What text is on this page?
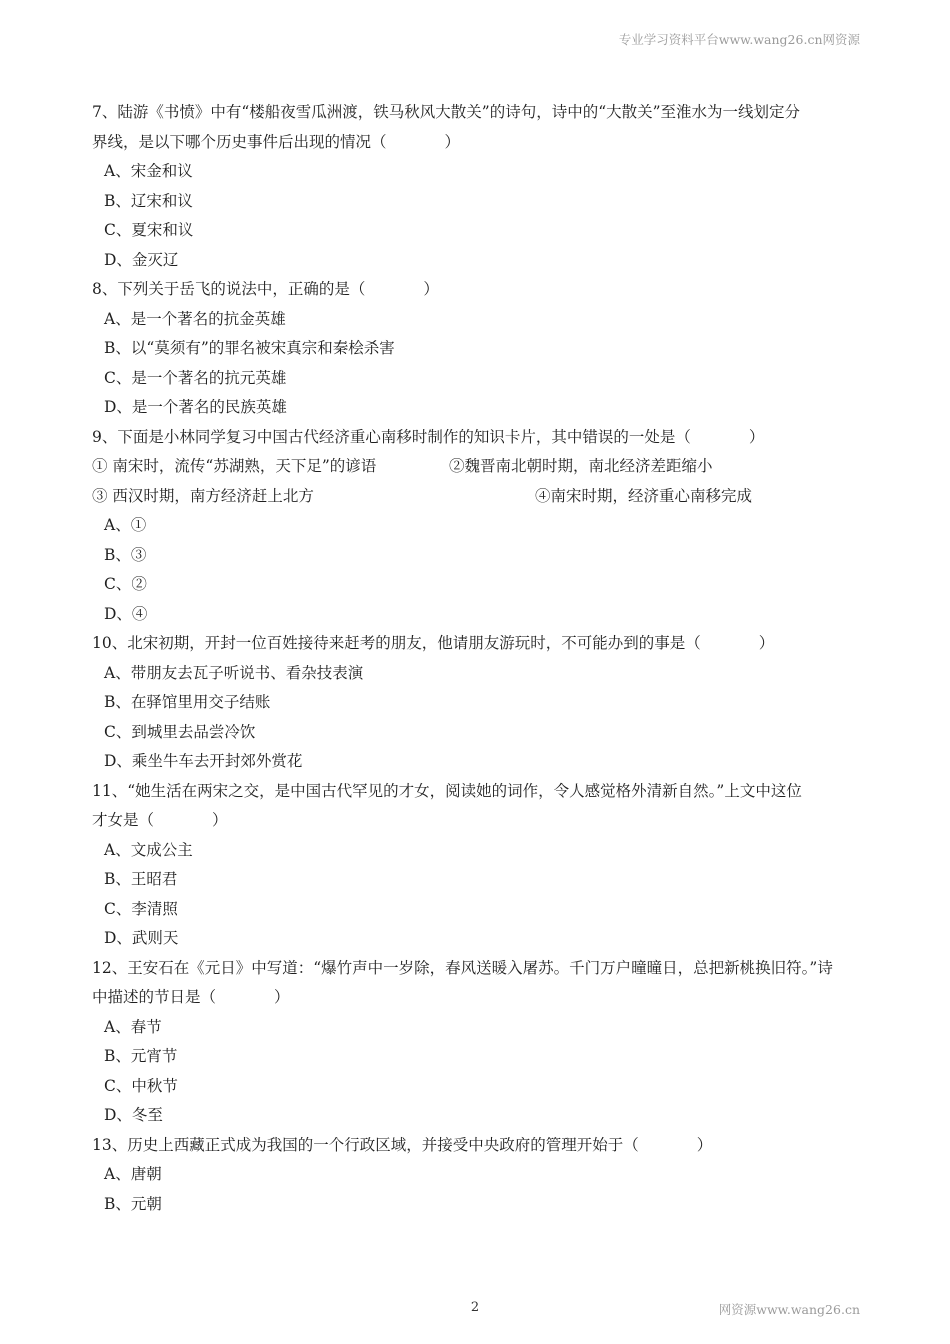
专业学习资料平台www.wang26.cn网资源
7、陆游《书愤》中有“楼船夜雪瓜洲渡，铁马秋风大散关”的诗句，诗中的“大散关”至淮水为一线划定分
界线，是以下哪个历史事件后出现的情况（	）
A、宋金和议
B、辽宋和议
C、夏宋和议
D、金灭辽
8、下列关于岳飞的说法中，正确的是（	）
A、是一个著名的抗金英雄
B、以“莫须有”的罪名被宋真宗和秦桧杀害
C、是一个著名的抗元英雄
D、是一个著名的民族英雄
9、下面是小林同学复习中国古代经济重心南移时制作的知识卡片，其中错误的一处是（	）
① 南宋时，流传“苏湖熟，天下足”的谚语	②魏晋南北朝时期，南北经济差距缩小
③ 西汉时期，南方经济赶上北方	④南宋时期，经济重心南移完成
A、①
B、③
C、②
D、④
10、北宋初期，开封一位百姓接待来赶考的朋友，他请朋友游玩时，不可能办到的事是（	）
A、带朋友去瓦子听说书、看杂技表演
B、在驿馆里用交子结账
C、到城里去品尝冷饮
D、乘坐牛车去开封郊外赏花
11、“她生活在两宋之交，是中国古代罕见的才女，阅读她的词作，令人感觉格外清新自然。”上文中这位
才女是（	）
A、文成公主
B、王昭君
C、李清照
D、武则天
12、王安石在《元日》中写道：“爆竹声中一岁除，春风送暖入屠苏。千门万户曈曈日，总把新桃换旧符。”诗
中描述的节日是（	）
A、春节
B、元宵节
C、中秋节
D、冬至
13、历史上西藏正式成为我国的一个行政区域，并接受中央政府的管理开始于（	）
A、唐朝
B、元朝
2	网资源www.wang26.cn
